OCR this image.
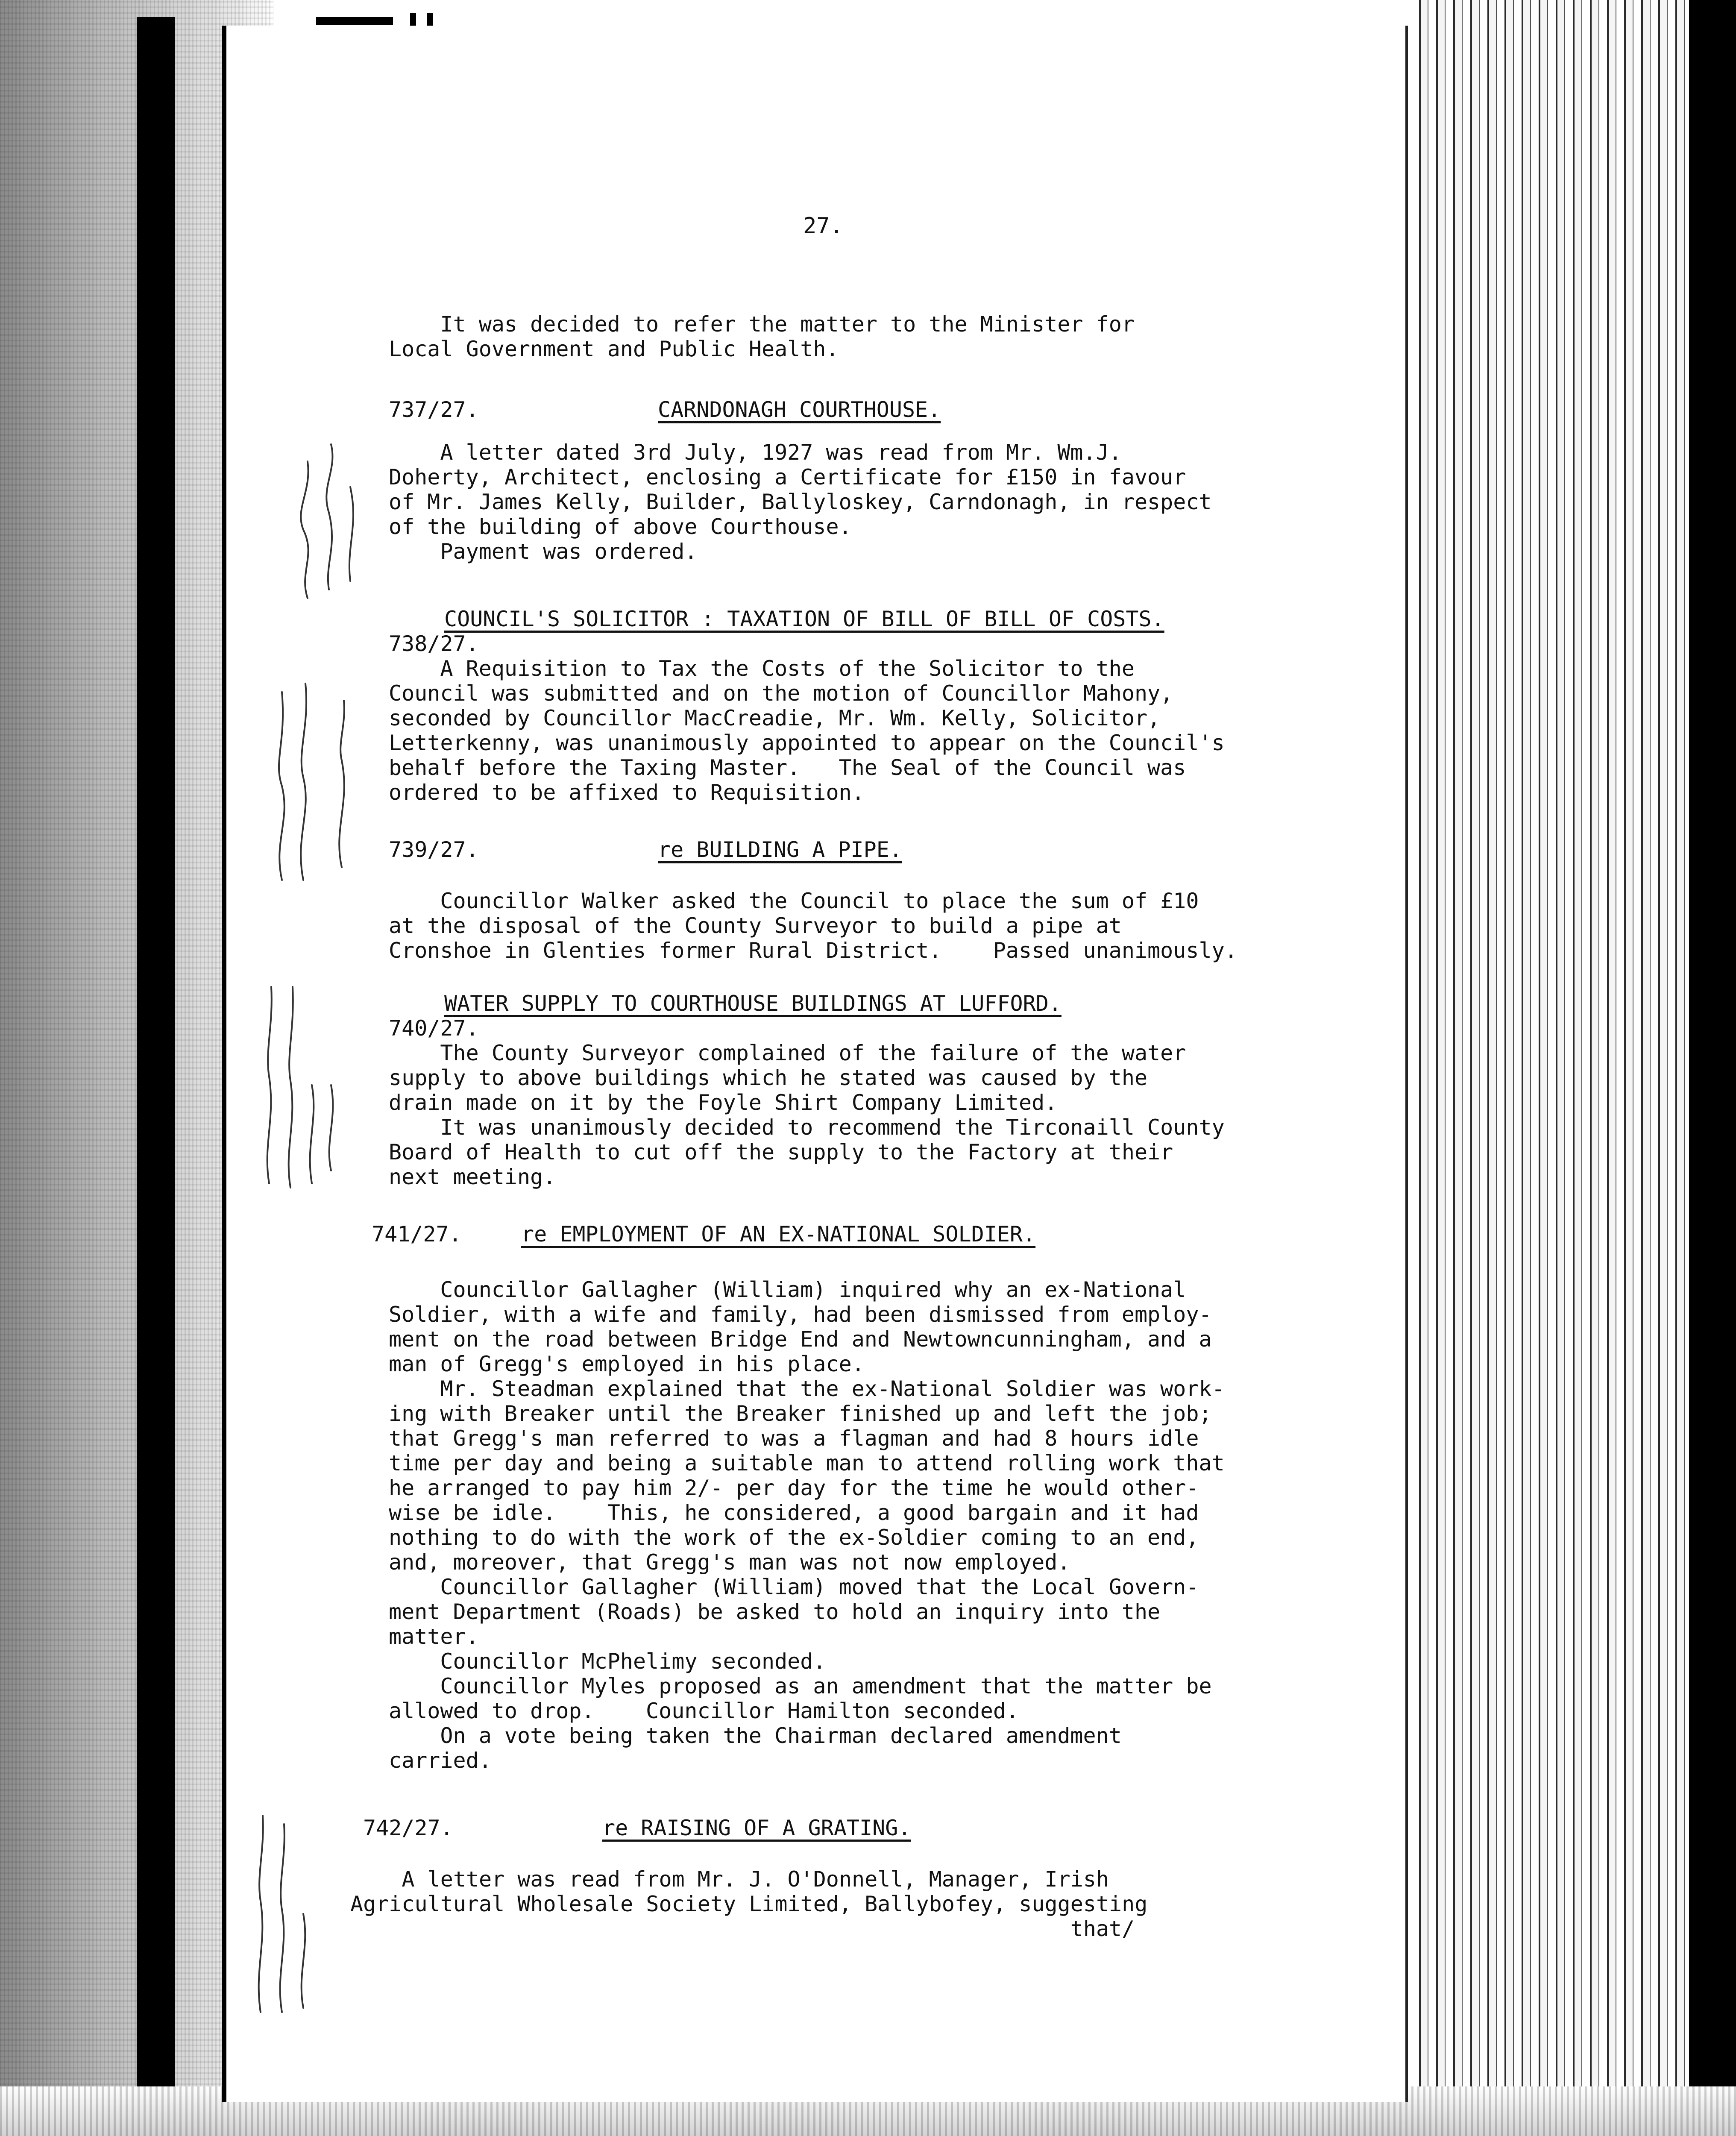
27.
It was decided to refer the matter to the Minister for
Local Government and Public Health.
737/27.	CARNDONAGH COURTHOUSE.
A letter dated 3rd July, 1927 was read from Mr. Wm.J.
Doherty, Architect, enclosing a Certificate for £150 in favour
of Mr. James Kelly, Builder, Ballyloskey, Carndonagh, in respect
of the building of above Courthouse.
Payment was ordered.
COUNCIL'S SOLICITOR : TAXATION OF BILL OF BILL OF COSTS.
738/27.
A Requisition to Tax the Costs of the Solicitor to the
Council was submitted and on the motion of Councillor Mahony,
seconded by Councillor MacCreadie, Mr. Wm. Kelly, Solicitor,
Letterkenny, was unanimously appointed to appear on the Council's
behalf before the Taxing Master.   The Seal of the Council was
ordered to be affixed to Requisition.
739/27.	re BUILDING A PIPE.
Councillor Walker asked the Council to place the sum of £10
at the disposal of the County Surveyor to build a pipe at
Cronshoe in Glenties former Rural District.    Passed unanimously.
WATER SUPPLY TO COURTHOUSE BUILDINGS AT LUFFORD.
740/27.
The County Surveyor complained of the failure of the water
supply to above buildings which he stated was caused by the
drain made on it by the Foyle Shirt Company Limited.
It was unanimously decided to recommend the Tirconaill County
Board of Health to cut off the supply to the Factory at their
next meeting.
741/27.	re EMPLOYMENT OF AN EX-NATIONAL SOLDIER.
Councillor Gallagher (William) inquired why an ex-National
Soldier, with a wife and family, had been dismissed from employ-
ment on the road between Bridge End and Newtowncunningham, and a
man of Gregg's employed in his place.
Mr. Steadman explained that the ex-National Soldier was work-
ing with Breaker until the Breaker finished up and left the job;
that Gregg's man referred to was a flagman and had 8 hours idle
time per day and being a suitable man to attend rolling work that
he arranged to pay him 2/- per day for the time he would other-
wise be idle.    This, he considered, a good bargain and it had
nothing to do with the work of the ex-Soldier coming to an end,
and, moreover, that Gregg's man was not now employed.
Councillor Gallagher (William) moved that the Local Govern-
ment Department (Roads) be asked to hold an inquiry into the
matter.
Councillor McPhelimy seconded.
Councillor Myles proposed as an amendment that the matter be
allowed to drop.    Councillor Hamilton seconded.
On a vote being taken the Chairman declared amendment
carried.
742/27.	re RAISING OF A GRATING.
A letter was read from Mr. J. O'Donnell, Manager, Irish
Agricultural Wholesale Society Limited, Ballybofey, suggesting
that/
